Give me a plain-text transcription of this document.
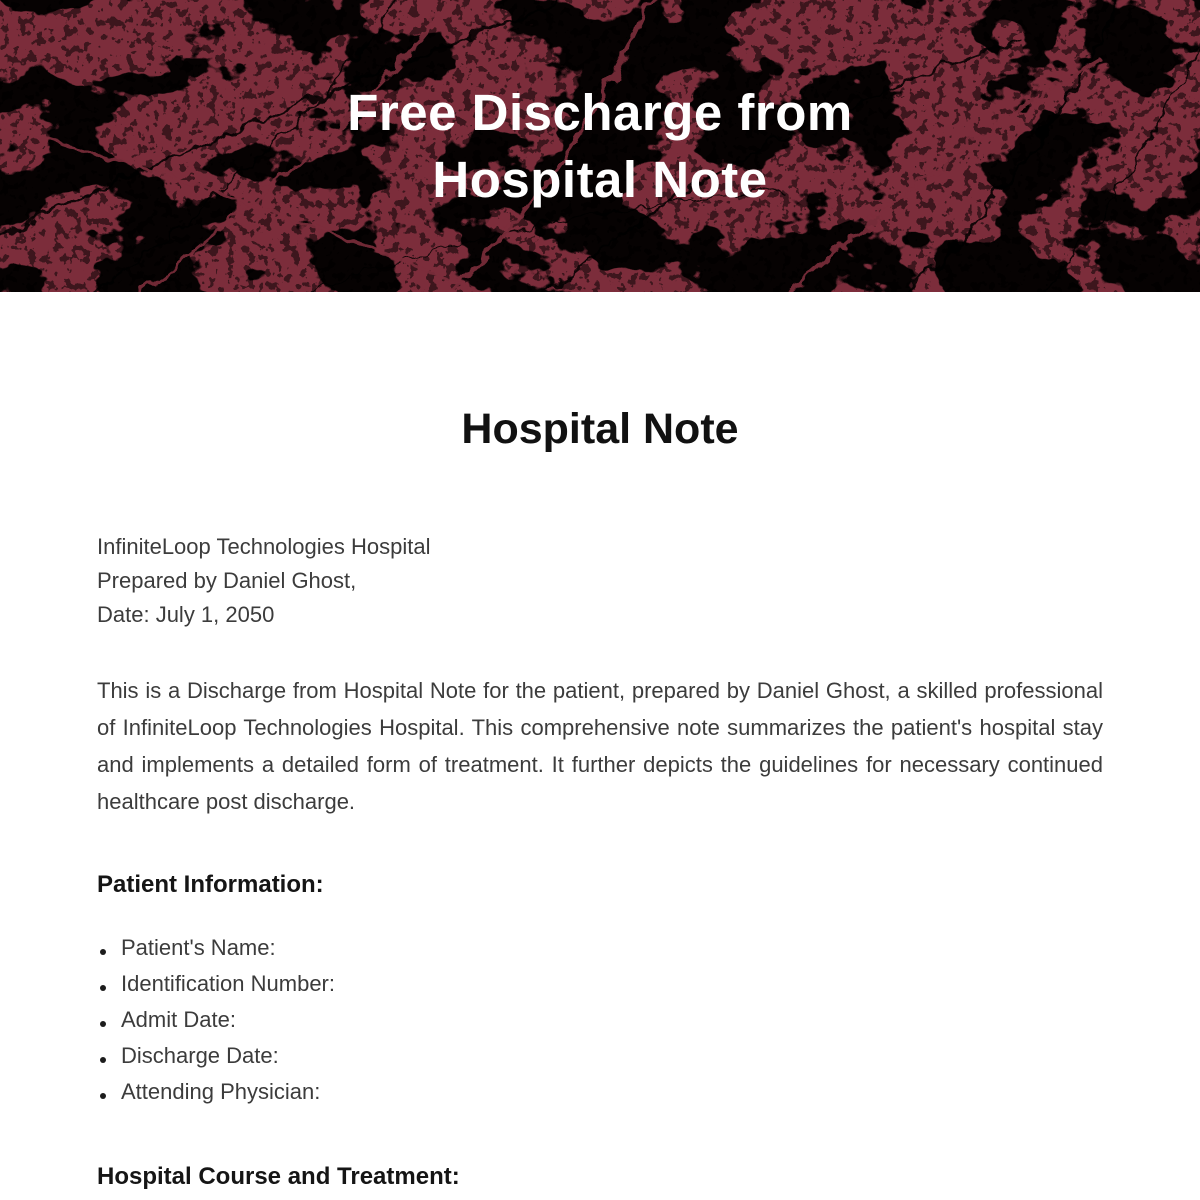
Free Discharge from
Hospital Note
Hospital Note
InfiniteLoop Technologies Hospital
Prepared by Daniel Ghost,
Date: July 1, 2050

This is a Discharge from Hospital Note for the patient, prepared by Daniel Ghost, a skilled professional of InfiniteLoop Technologies Hospital. This comprehensive note summarizes the patient's hospital stay and implements a detailed form of treatment. It further depicts the guidelines for necessary continued healthcare post discharge.

Patient Information:
Patient's Name:
Identification Number:
Admit Date:
Discharge Date:
Attending Physician:
Hospital Course and Treatment:
